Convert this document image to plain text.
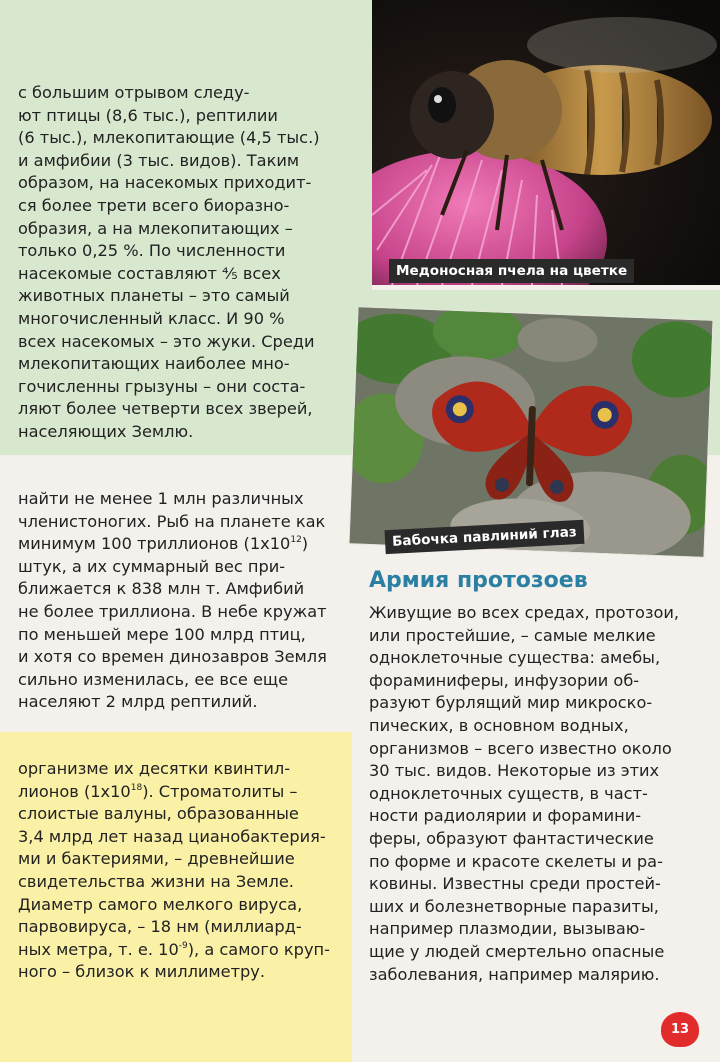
с большим отрывом следу-
ют птицы (8,6 тыс.), рептилии
(6 тыс.), млекопитающие (4,5 тыс.)
и амфибии (3 тыс. видов). Таким
образом, на насекомых приходит-
ся более трети всего биоразно-
образия, а на млекопитающих –
только 0,25 %. По численности
насекомые составляют ⅘ всех
животных планеты – это самый
многочисленный класс. И 90 %
всех насекомых – это жуки. Среди
млекопитающих наиболее мно-
гочисленны грызуны – они соста-
ляют более четверти всех зверей,
населяющих Землю.
найти не менее 1 млн различных
членистоногих. Рыб на планете как
минимум 100 триллионов $(1x10^{12})$
штук, а их суммарный вес при-
ближается к 838 млн т. Амфибий
не более триллиона. В небе кружат
по меньшей мере 100 млрд птиц,
и хотя со времен динозавров Земля
сильно изменилась, ее все еще
населяют 2 млрд рептилий.
организме их десятки квинтил-
лионов $(1x10^{18})$. Строматолиты –
слоистые валуны, образованные
3,4 млрд лет назад цианобактерия-
ми и бактериями, – древнейшие
свидетельства жизни на Земле.
Диаметр самого мелкого вируса,
парвовируса, – 18 нм (миллиард-
ных метра, т. е. $10^{-9}$), а самого круп-
ного – близок к миллиметру.
Медоносная пчела на цветке
Бабочка павлиний глаз
Армия протозоев
Живущие во всех средах, протозои,
или простейшие, – самые мелкие
одноклеточные существа: амебы,
фораминиферы, инфузории об-
разуют бурлящий мир микроско-
пических, в основном водных,
организмов – всего известно около
30 тыс. видов. Некоторые из этих
одноклеточных существ, в част-
ности радиолярии и форамини-
феры, образуют фантастические
по форме и красоте скелеты и ра-
ковины. Известны среди простей-
ших и болезнетворные паразиты,
например плазмодии, вызываю-
щие у людей смертельно опасные
заболевания, например малярию.
13
